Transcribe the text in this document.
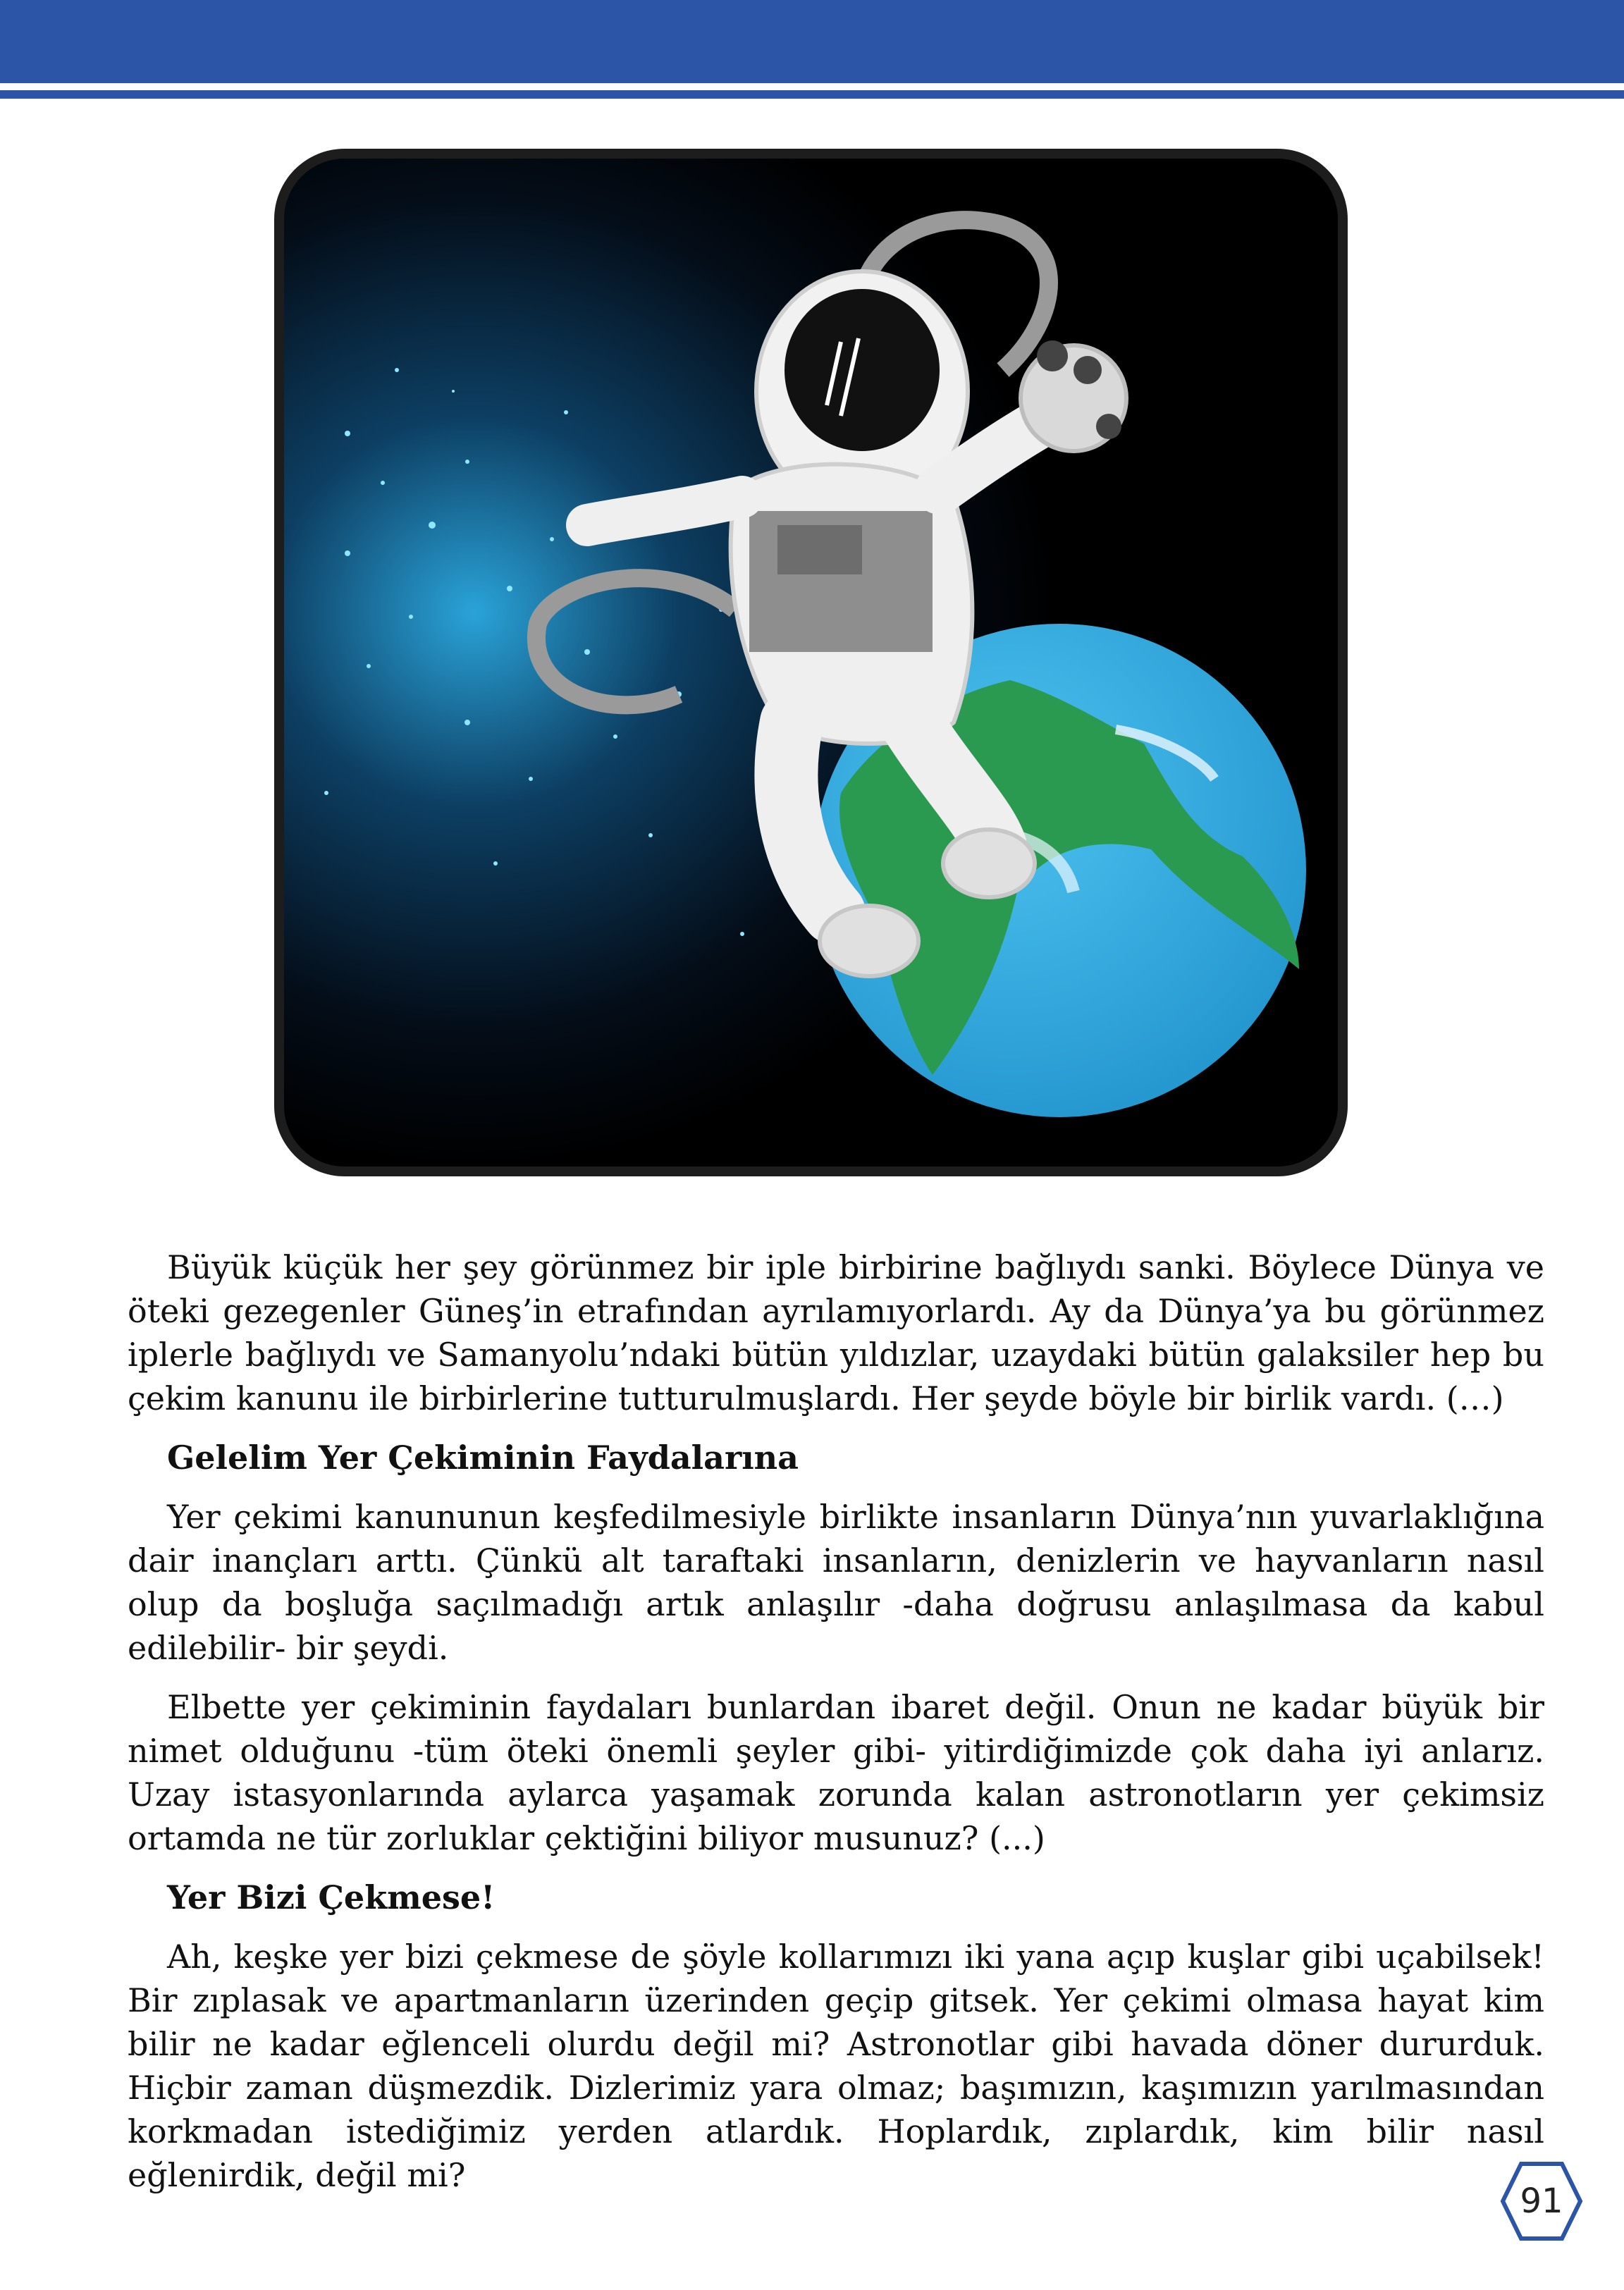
Büyük küçük her şey görünmez bir iple birbirine bağlıydı sanki. Böylece Dünya ve öteki gezegenler Güneş’in etrafından ayrılamıyorlardı. Ay da Dünya’ya bu görünmez iplerle bağlıydı ve Samanyolu’ndaki bütün yıldızlar, uzaydaki bütün galaksiler hep bu çekim kanunu ile birbirlerine tutturulmuşlardı. Her şeyde böyle bir birlik vardı. (…)

Gelelim Yer Çekiminin Faydalarına

Yer çekimi kanununun keşfedilmesiyle birlikte insanların Dünya’nın yuvarlaklığına dair inançları arttı. Çünkü alt taraftaki insanların, denizlerin ve hayvanların nasıl olup da boşluğa saçılmadığı artık anlaşılır -daha doğrusu anlaşılmasa da kabul edilebilir- bir şeydi.

Elbette yer çekiminin faydaları bunlardan ibaret değil. Onun ne kadar büyük bir nimet olduğunu -tüm öteki önemli şeyler gibi- yitirdiğimizde çok daha iyi anlarız. Uzay istasyonlarında aylarca yaşamak zorunda kalan astronotların yer çekimsiz ortamda ne tür zorluklar çektiğini biliyor musunuz? (...)

Yer Bizi Çekmese!

Ah, keşke yer bizi çekmese de şöyle kollarımızı iki yana açıp kuşlar gibi uçabilsek! Bir zıplasak ve apartmanların üzerinden geçip gitsek. Yer çekimi olmasa hayat kim bilir ne kadar eğlenceli olurdu değil mi? Astronotlar gibi havada döner dururduk. Hiçbir zaman düşmezdik. Dizlerimiz yara olmaz; başımızın, kaşımızın yarılmasından korkmadan istediğimiz yerden atlardık. Hoplardık, zıplardık, kim bilir nasıl eğlenirdik, değil mi?

91
